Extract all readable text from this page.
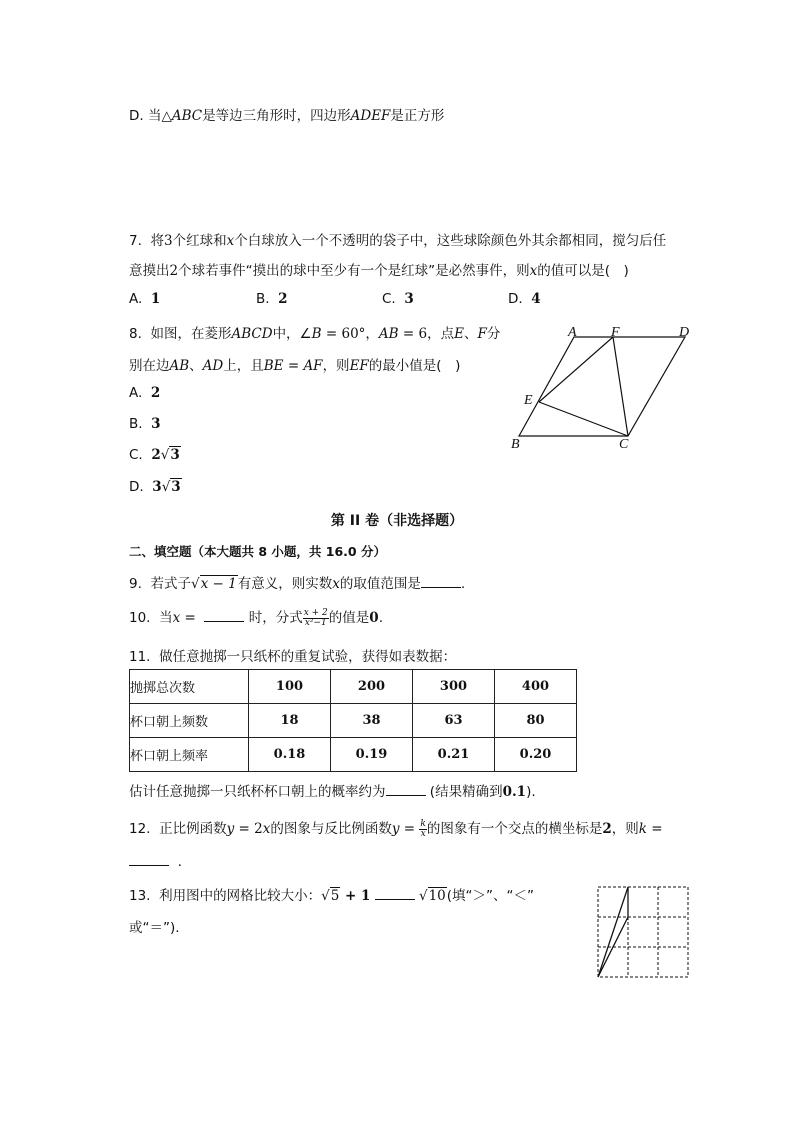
D. 当△ABC是等边三角形时，四边形ADEF是正方形
7. 将3个红球和x个白球放入一个不透明的袋子中，这些球除颜色外其余都相同，搅匀后任
意摸出2个球若事件“摸出的球中至少有一个是红球”是必然事件，则x的值可以是(　)
A. 1	B. 2	C. 3	D. 4
8. 如图，在菱形ABCD中，∠B = 60°，AB = 6，点E、F分
别在边AB、AD上，且BE = AF，则EF的最小值是(　)
A. 2
B. 3
C. 2√3
D. 3√3
A F	D
E
B	C
第 II 卷（非选择题）
二、填空题（本大题共 8 小题，共 16.0 分）
9. 若式子√x − 1有意义，则实数x的取值范围是	.
10. 当x =	时，分式 $\frac{x + 2}{\text{x²−1}}$ 的值是0.
11. 做任意抛掷一只纸杯的重复试验，获得如表数据：
抛掷总次数	100	200	300	400
杯口朝上频数	18	38	63	80
杯口朝上频率	0.18	0.19	0.21	0.20
估计任意抛掷一只纸杯杯口朝上的概率约为	(结果精确到0.1).
12. 正比例函数y = 2x的图象与反比例函数$y = \frac{k}{x}$ 的图象有一个交点的横坐标是2，则k =
.
13. 利用图中的网格比较大小：√5 + 1	√10(填“＞”、“＜”
或“＝”).
